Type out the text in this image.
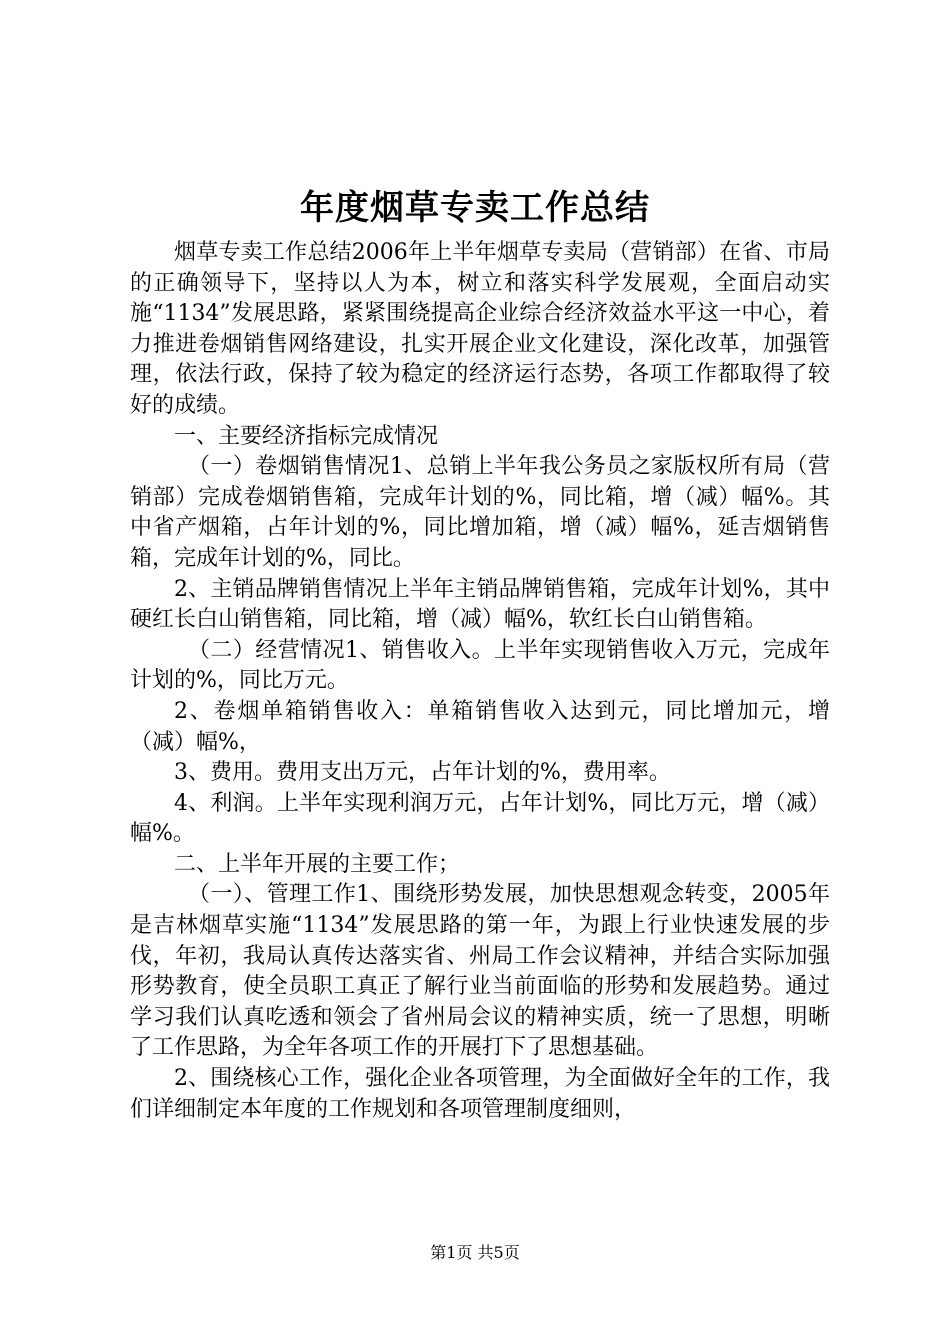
年度烟草专卖工作总结

烟草专卖工作总结2006年上半年烟草专卖局（营销部）在省、市局的正确领导下，坚持以人为本，树立和落实科学发展观，全面启动实施“1134”发展思路，紧紧围绕提高企业综合经济效益水平这一中心，着力推进卷烟销售网络建设，扎实开展企业文化建设，深化改革，加强管理，依法行政，保持了较为稳定的经济运行态势，各项工作都取得了较好的成绩。

一、主要经济指标完成情况

（一）卷烟销售情况1、总销上半年我公务员之家版权所有局（营销部）完成卷烟销售箱，完成年计划的%，同比箱，增（减）幅%。其中省产烟箱，占年计划的%，同比增加箱，增（减）幅%，延吉烟销售箱，完成年计划的%，同比。

2、主销品牌销售情况上半年主销品牌销售箱，完成年计划%，其中硬红长白山销售箱，同比箱，增（减）幅%，软红长白山销售箱。

（二）经营情况1、销售收入。上半年实现销售收入万元，完成年计划的%，同比万元。

2、卷烟单箱销售收入：单箱销售收入达到元，同比增加元，增（减）幅%，

3、费用。费用支出万元，占年计划的%，费用率。

4、利润。上半年实现利润万元，占年计划%，同比万元，增（减）幅%。

二、上半年开展的主要工作；

（一）、管理工作1、围绕形势发展，加快思想观念转变，2005年是吉林烟草实施“1134”发展思路的第一年，为跟上行业快速发展的步伐，年初，我局认真传达落实省、州局工作会议精神，并结合实际加强形势教育，使全员职工真正了解行业当前面临的形势和发展趋势。通过学习我们认真吃透和领会了省州局会议的精神实质，统一了思想，明晰了工作思路，为全年各项工作的开展打下了思想基础。

2、围绕核心工作，强化企业各项管理，为全面做好全年的工作，我们详细制定本年度的工作规划和各项管理制度细则，

第1页 共5页
